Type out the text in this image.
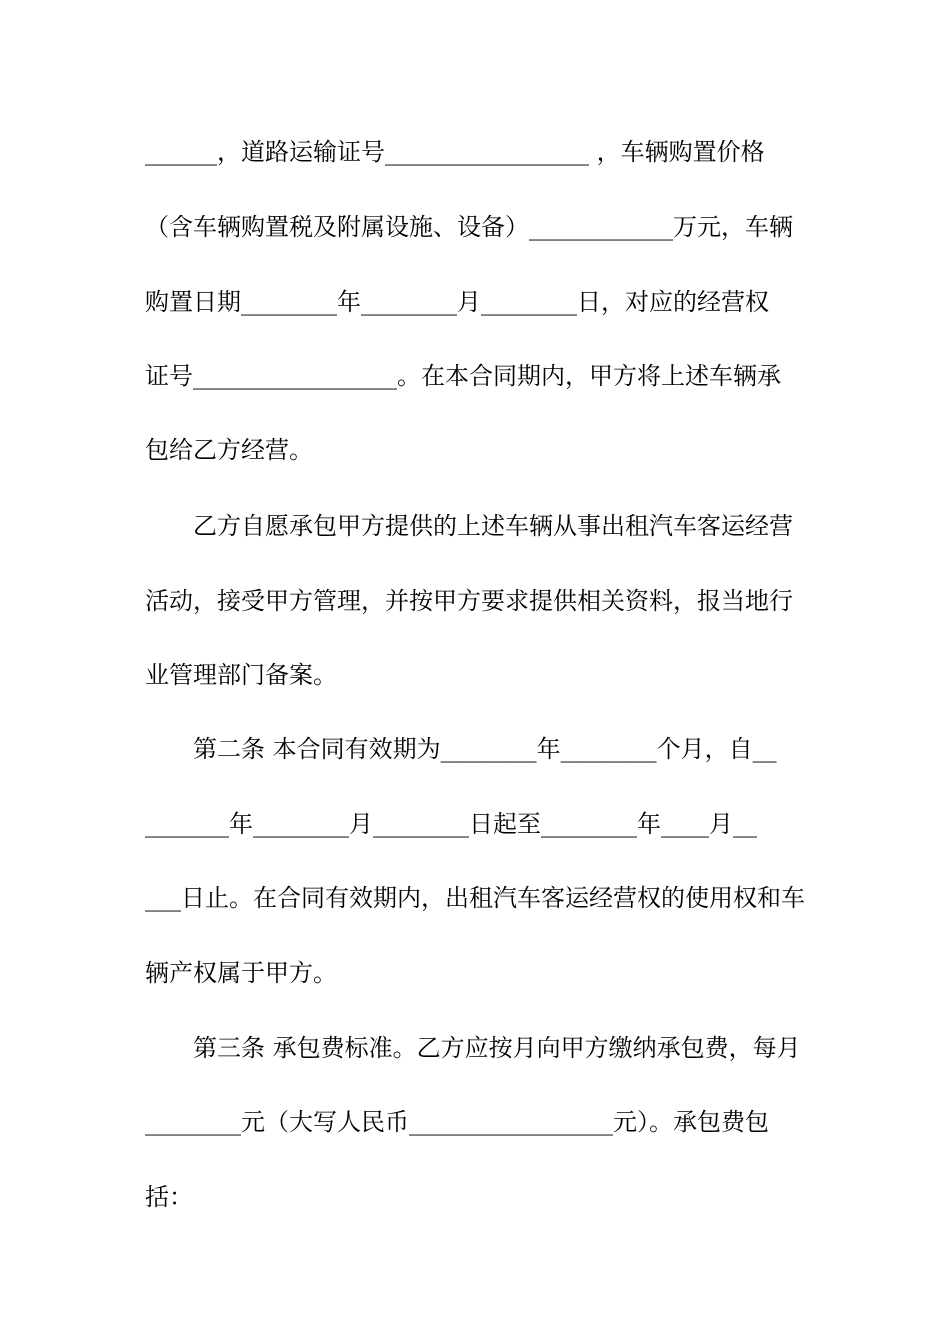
______，道路运输证号_________________ ，车辆购置价格
（含车辆购置税及附属设施、设备）____________万元，车辆
购置日期________年________月________日，对应的经营权
证号_________________。在本合同期内，甲方将上述车辆承
包给乙方经营。
乙方自愿承包甲方提供的上述车辆从事出租汽车客运经营
活动，接受甲方管理，并按甲方要求提供相关资料，报当地行
业管理部门备案。
第二条 本合同有效期为________年________个月，自__
_______年________月________日起至________年____月__
___日止。在合同有效期内，出租汽车客运经营权的使用权和车
辆产权属于甲方。
第三条 承包费标准。乙方应按月向甲方缴纳承包费，每月
________元（大写人民币_________________元）。承包费包
括：
